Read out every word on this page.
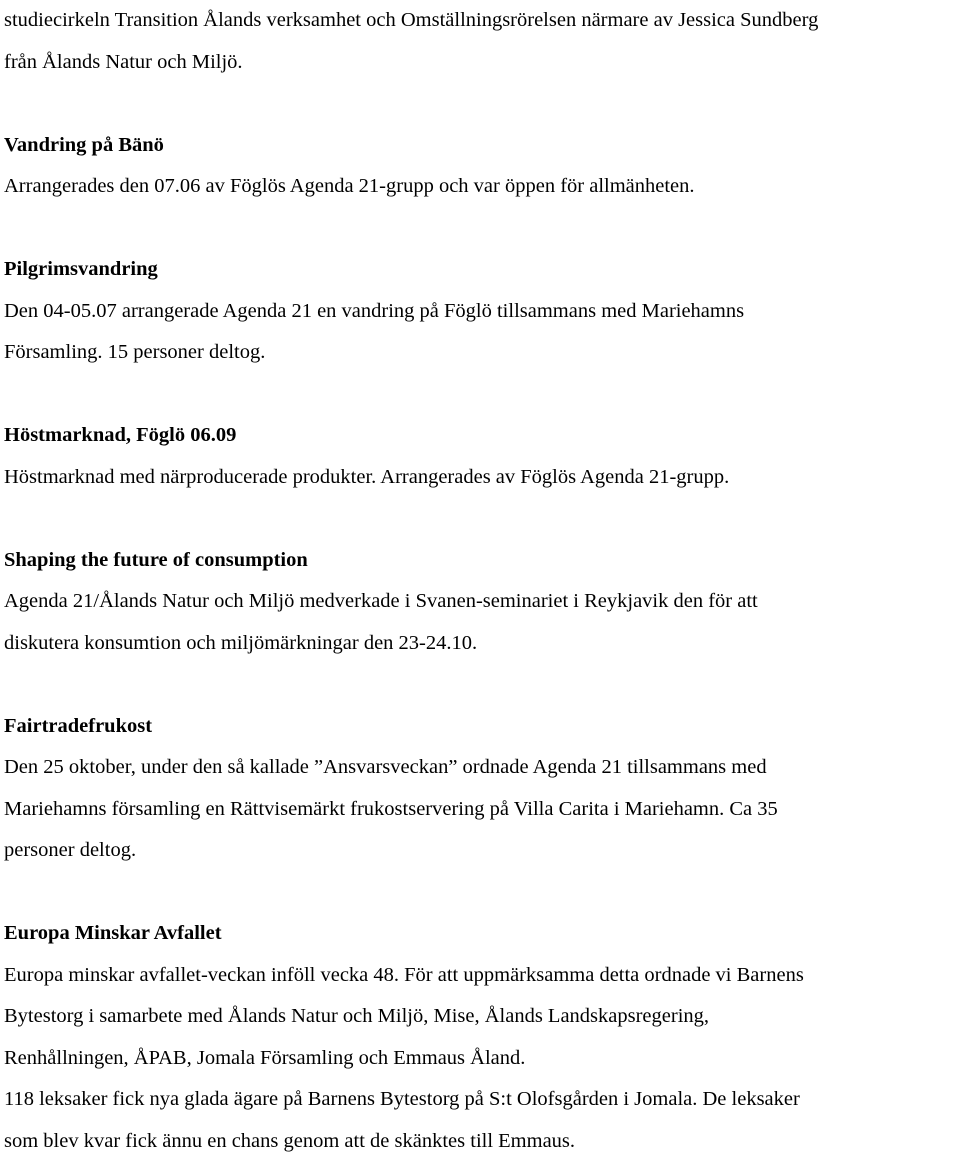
studiecirkeln Transition Ålands verksamhet och Omställningsrörelsen närmare av Jessica Sundberg
från Ålands Natur och Miljö.
Vandring på Bänö
Arrangerades den 07.06 av Föglös Agenda 21-grupp och var öppen för allmänheten.
Pilgrimsvandring
Den 04-05.07 arrangerade Agenda 21 en vandring på Föglö tillsammans med Mariehamns
Församling. 15 personer deltog.
Höstmarknad, Föglö 06.09
Höstmarknad med närproducerade produkter. Arrangerades av Föglös Agenda 21-grupp.
Shaping the future of consumption
Agenda 21/Ålands Natur och Miljö medverkade i Svanen-seminariet i Reykjavik den för att
diskutera konsumtion och miljömärkningar den 23-24.10.
Fairtradefrukost
Den 25 oktober, under den så kallade ”Ansvarsveckan” ordnade Agenda 21 tillsammans med
Mariehamns församling en Rättvisemärkt frukostservering på Villa Carita i Mariehamn. Ca 35
personer deltog.
Europa Minskar Avfallet
Europa minskar avfallet-veckan inföll vecka 48. För att uppmärksamma detta ordnade vi Barnens
Bytestorg i samarbete med Ålands Natur och Miljö, Mise, Ålands Landskapsregering,
Renhållningen, ÅPAB, Jomala Församling och Emmaus Åland.
118 leksaker fick nya glada ägare på Barnens Bytestorg på S:t Olofsgården i Jomala. De leksaker
som blev kvar fick ännu en chans genom att de skänktes till Emmaus.
